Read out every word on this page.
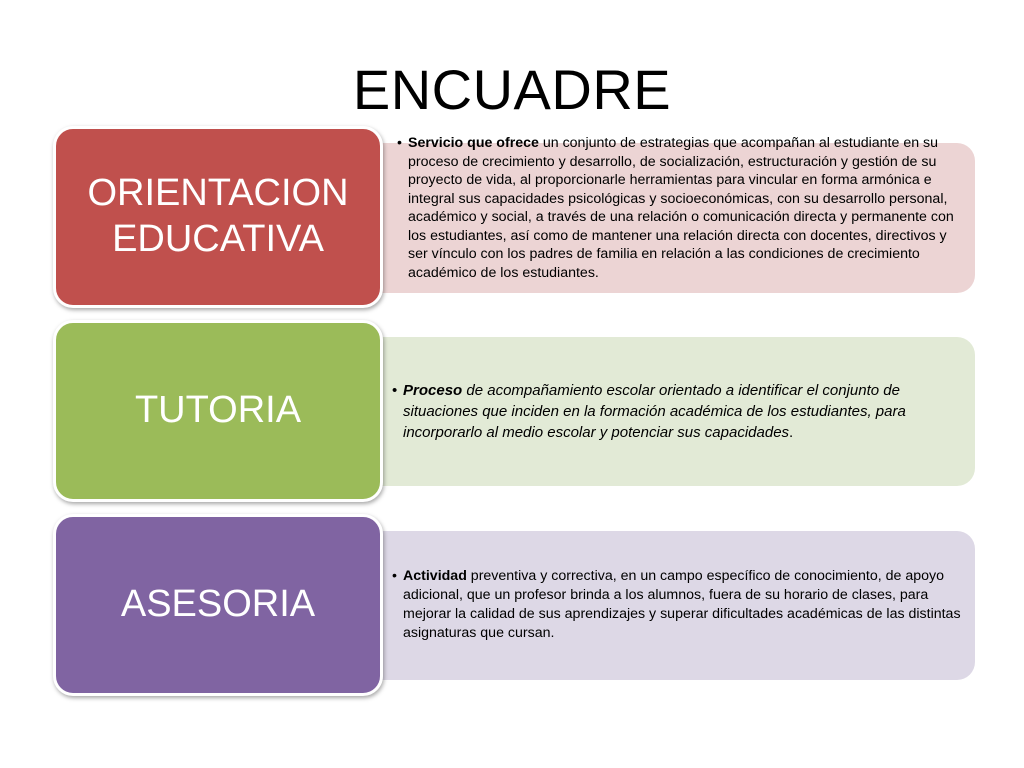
ENCUADRE
ORIENTACION
EDUCATIVA
• Servicio que ofrece un conjunto de estrategias que acompañan al estudiante en su proceso de crecimiento y desarrollo, de socialización, estructuración y gestión de su proyecto de vida, al proporcionarle herramientas para vincular en forma armónica e integral sus capacidades psicológicas y socioeconómicas, con su desarrollo personal, académico y social, a través de una relación o comunicación directa y permanente con los estudiantes, así como de mantener una relación directa con docentes, directivos y ser vínculo con los padres de familia en relación a las condiciones de crecimiento académico de los estudiantes.
TUTORIA	• Proceso de acompañamiento escolar orientado a identificar el conjunto de situaciones que inciden en la formación académica de los estudiantes, para incorporarlo al medio escolar y potenciar sus capacidades.
ASESORIA
• Actividad preventiva y correctiva, en un campo específico de conocimiento, de apoyo adicional, que un profesor brinda a los alumnos, fuera de su horario de clases, para mejorar la calidad de sus aprendizajes y superar dificultades académicas de las distintas asignaturas que cursan.
